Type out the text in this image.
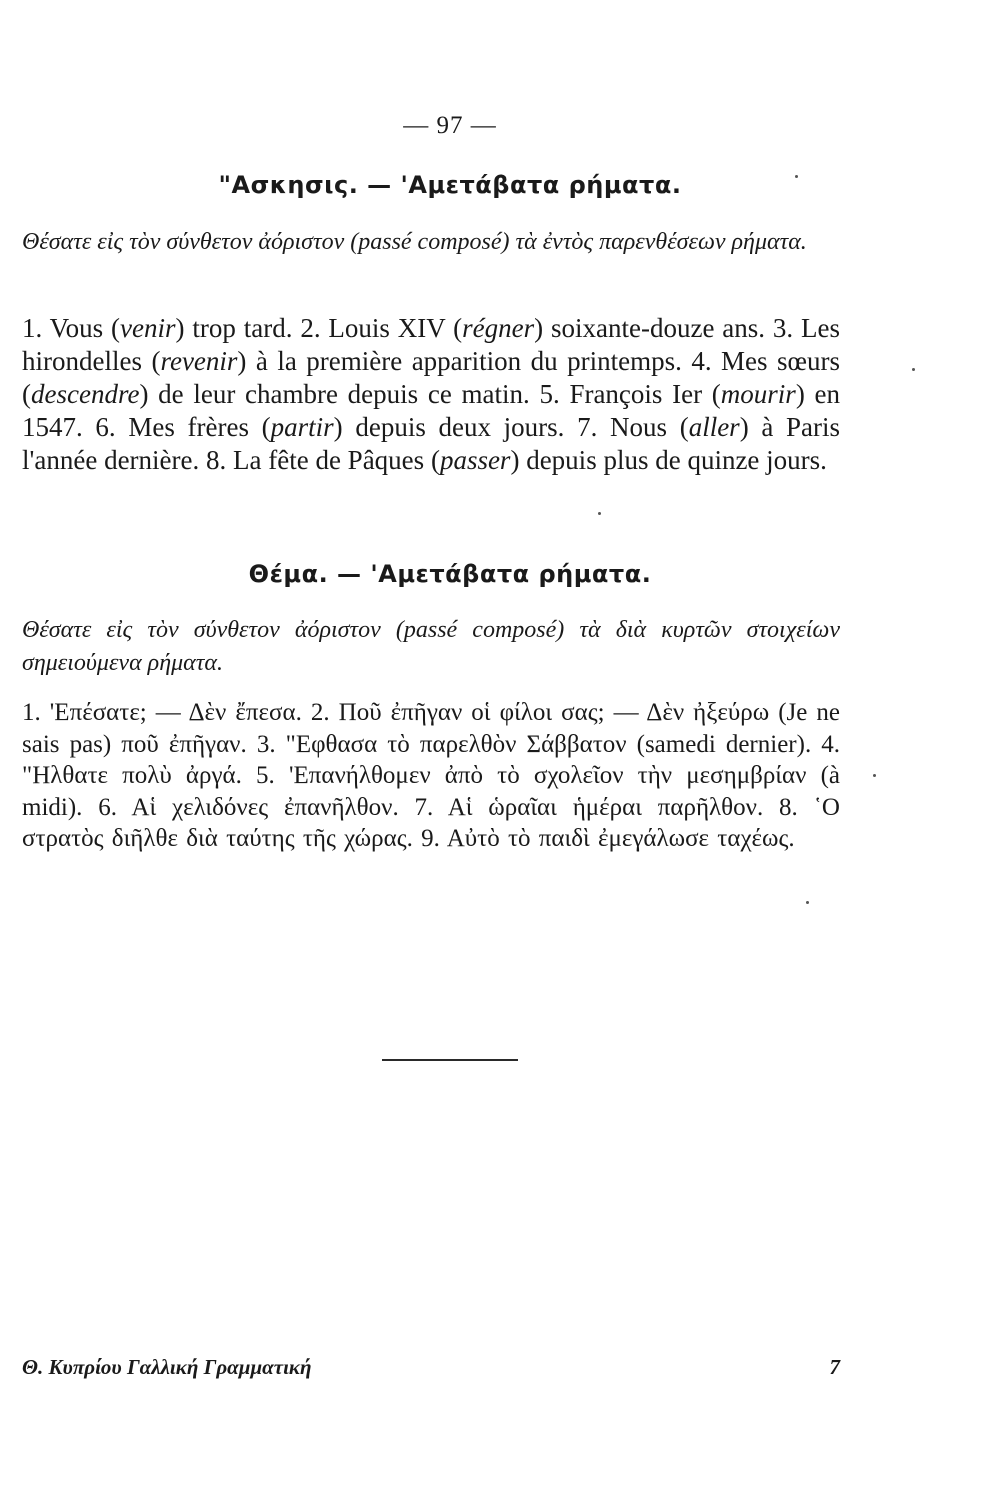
— 97 —
"Ασκησις. — 'Αμετάβατα ρήματα.
Θέσατε εἰς τὸν σύνθετον ἀόριστον (passé composé) τὰ ἐντὸς παρενθέσεων ρήματα.
1. Vous (venir) trop tard. 2. Louis XIV (régner) soixante-douze ans. 3. Les hirondelles (revenir) à la première apparition du printemps. 4. Mes sœurs (descendre) de leur chambre depuis ce matin. 5. François Ier (mourir) en 1547. 6. Mes frères (partir) depuis deux jours. 7. Nous (aller) à Paris l'année dernière. 8. La fête de Pâques (passer) depuis plus de quinze jours.
Θέμα. — 'Αμετάβατα ρήματα.
Θέσατε εἰς τὸν σύνθετον ἀόριστον (passé composé) τὰ διὰ κυρτῶν στοιχείων σημειούμενα ρήματα.
1. 'Επέσατε; — Δὲν ἔπεσα. 2. Ποῦ ἐπῆγαν οἱ φίλοι σας; — Δὲν ἠξεύρω (Je ne sais pas) ποῦ ἐπῆγαν. 3. "Εφθασα τὸ παρελθὸν Σάββατον (samedi dernier). 4. "Ηλθατε πολὺ ἀργά. 5. 'Επανήλθομεν ἀπὸ τὸ σχολεῖον τὴν μεσημβρίαν (à midi). 6. Αἱ χελιδόνες ἐπανῆλθον. 7. Αἱ ὡραῖαι ἡμέραι παρῆλθον. 8. ῾Ο στρατὸς διῆλθε διὰ ταύτης τῆς χώρας. 9. Αὐτὸ τὸ παιδὶ ἐμεγάλωσε ταχέως.
Θ. Κυπρίου Γαλλική Γραμματική	7
